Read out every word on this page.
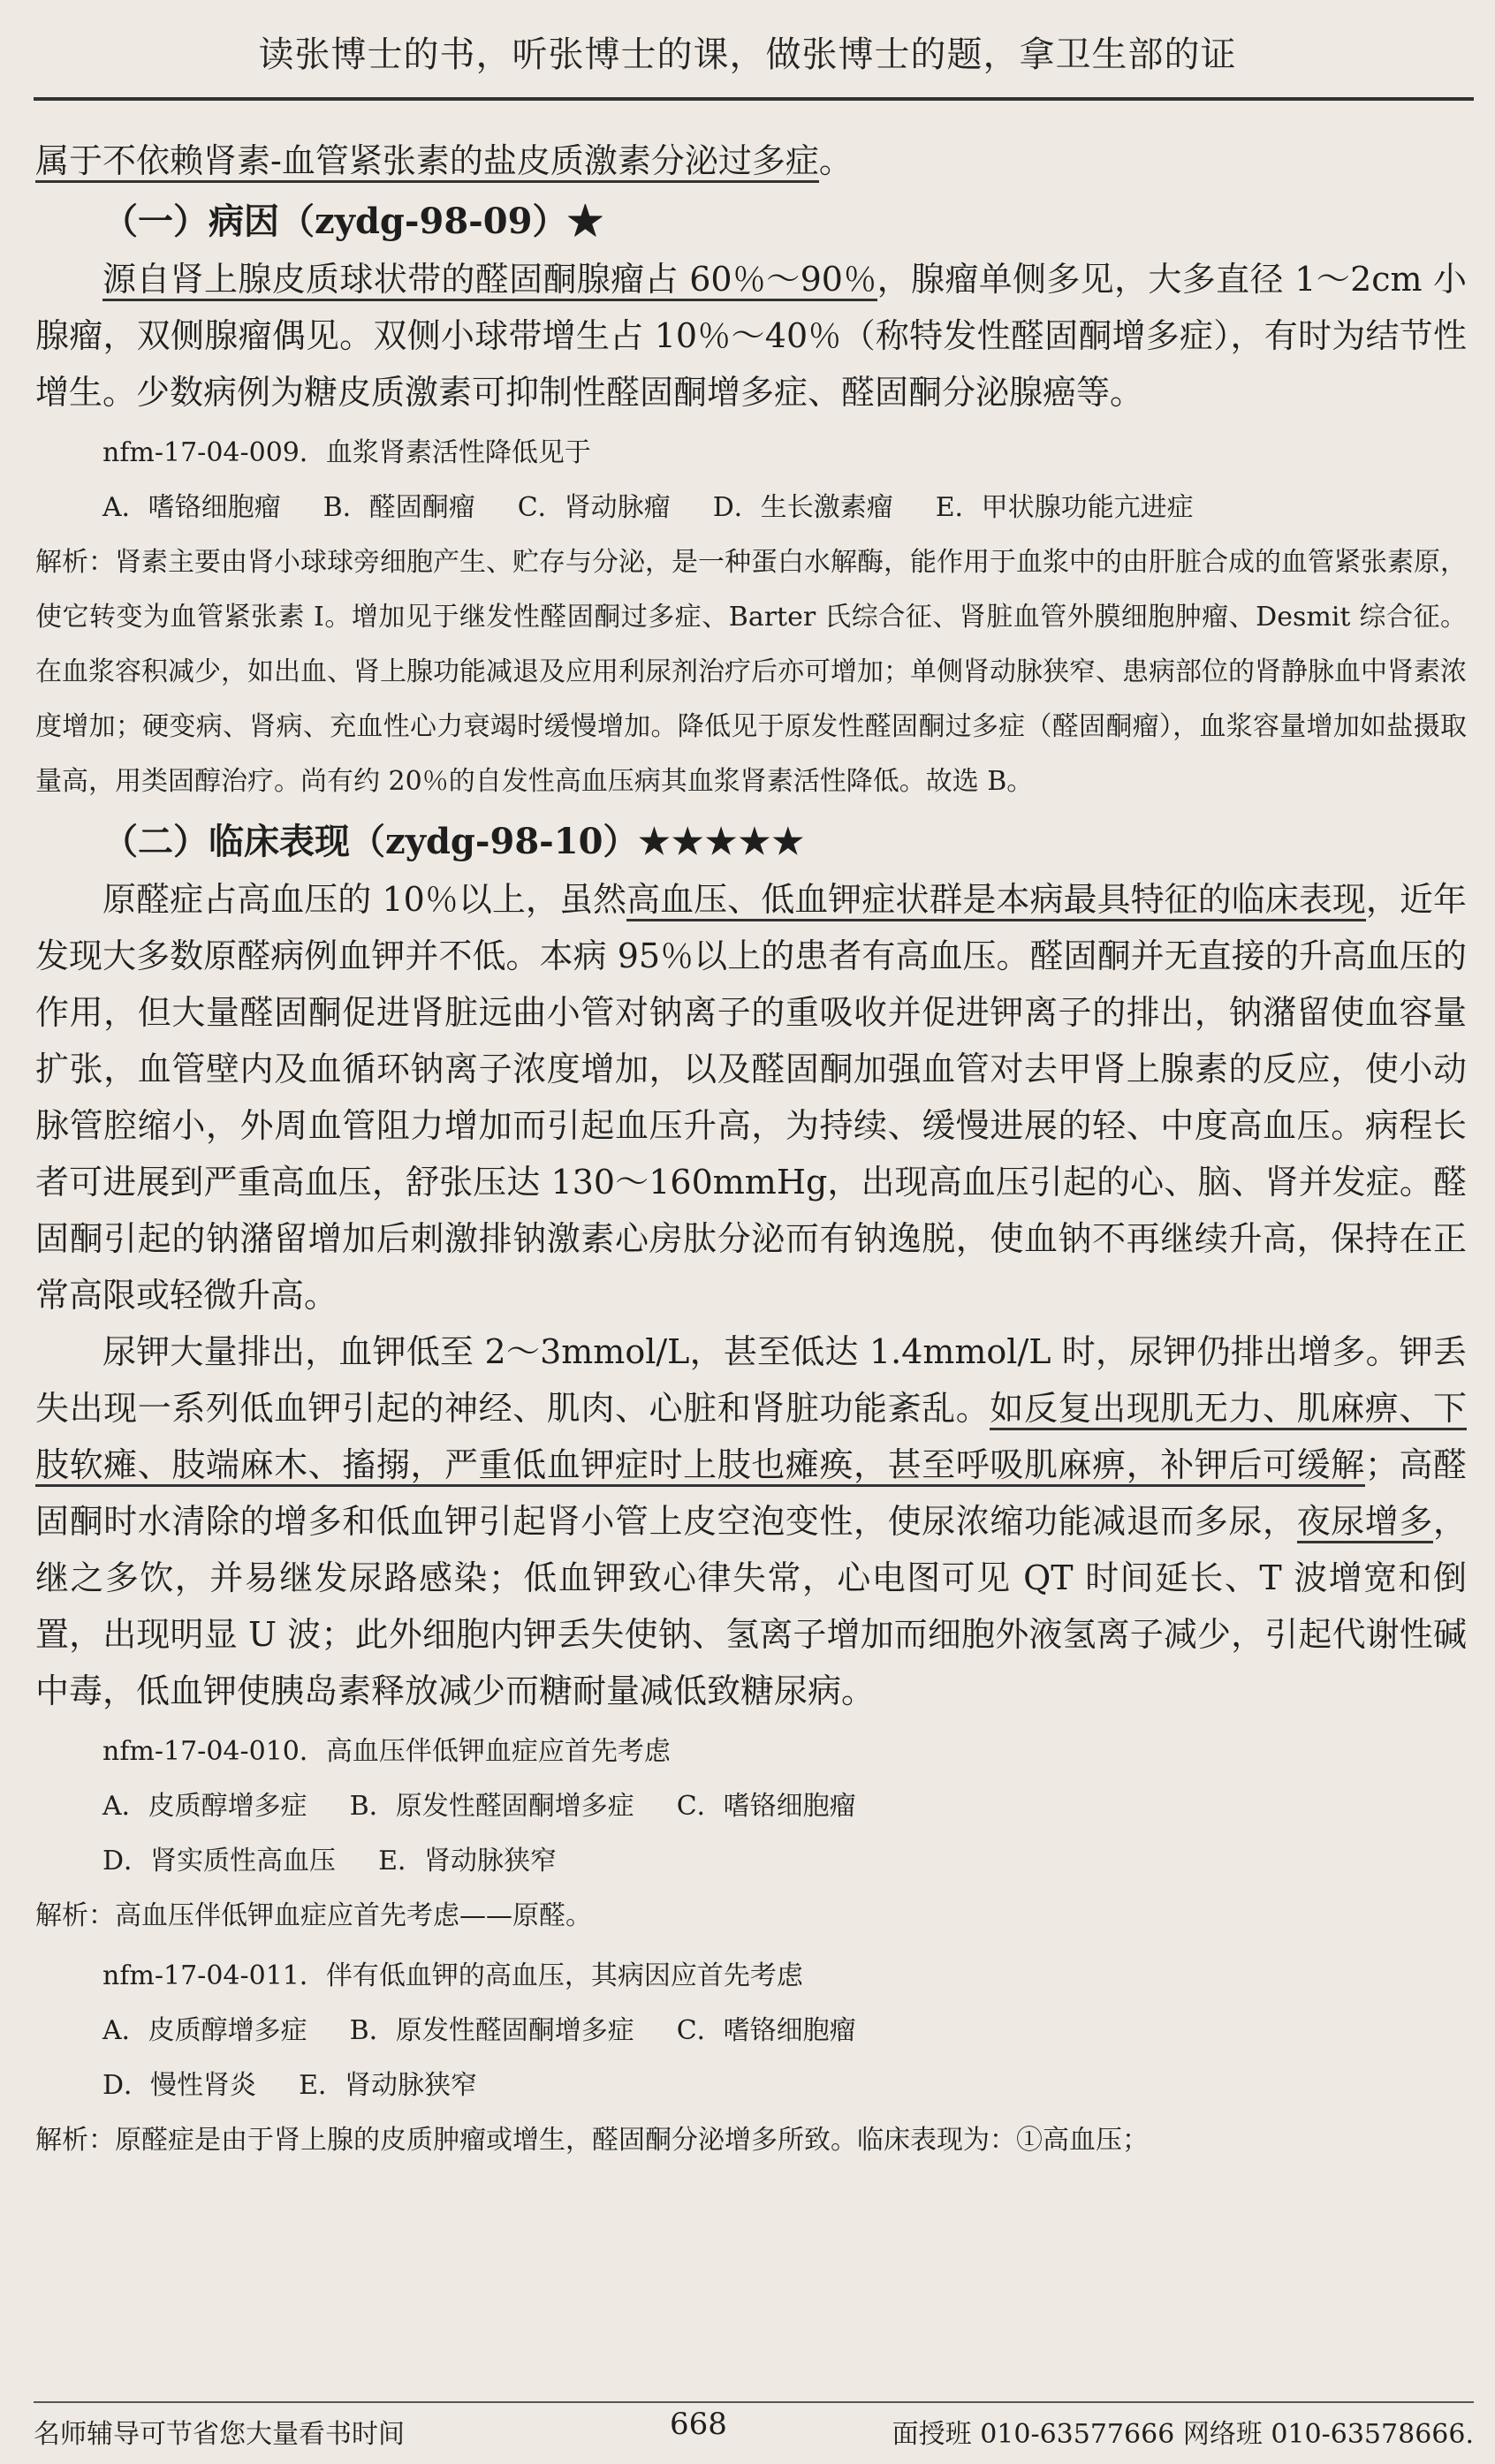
读张博士的书，听张博士的课，做张博士的题，拿卫生部的证

属于不依赖肾素-血管紧张素的盐皮质激素分泌过多症。

（一）病因（zydg-98-09）★

源自肾上腺皮质球状带的醛固酮腺瘤占 60％～90％，腺瘤单侧多见，大多直径 1～2cm 小腺瘤，双侧腺瘤偶见。双侧小球带增生占 10％～40％（称特发性醛固酮增多症），有时为结节性增生。少数病例为糖皮质激素可抑制性醛固酮增多症、醛固酮分泌腺癌等。

nfm-17-04-009．血浆肾素活性降低见于

A．嗜铬细胞瘤 B．醛固酮瘤 C．肾动脉瘤 D．生长激素瘤 E．甲状腺功能亢进症

解析：肾素主要由肾小球球旁细胞产生、贮存与分泌，是一种蛋白水解酶，能作用于血浆中的由肝脏合成的血管紧张素原，使它转变为血管紧张素 I。增加见于继发性醛固酮过多症、Barter 氏综合征、肾脏血管外膜细胞肿瘤、Desmit 综合征。在血浆容积减少，如出血、肾上腺功能减退及应用利尿剂治疗后亦可增加；单侧肾动脉狭窄、患病部位的肾静脉血中肾素浓度增加；硬变病、肾病、充血性心力衰竭时缓慢增加。降低见于原发性醛固酮过多症（醛固酮瘤），血浆容量增加如盐摄取量高，用类固醇治疗。尚有约 20％的自发性高血压病其血浆肾素活性降低。故选 B。

（二）临床表现（zydg-98-10）★★★★★

原醛症占高血压的 10％以上，虽然高血压、低血钾症状群是本病最具特征的临床表现，近年发现大多数原醛病例血钾并不低。本病 95％以上的患者有高血压。醛固酮并无直接的升高血压的作用，但大量醛固酮促进肾脏远曲小管对钠离子的重吸收并促进钾离子的排出，钠潴留使血容量扩张，血管壁内及血循环钠离子浓度增加，以及醛固酮加强血管对去甲肾上腺素的反应，使小动脉管腔缩小，外周血管阻力增加而引起血压升高，为持续、缓慢进展的轻、中度高血压。病程长者可进展到严重高血压，舒张压达 130～160mmHg，出现高血压引起的心、脑、肾并发症。醛固酮引起的钠潴留增加后刺激排钠激素心房肽分泌而有钠逸脱，使血钠不再继续升高，保持在正常高限或轻微升高。

尿钾大量排出，血钾低至 2～3mmol/L，甚至低达 1.4mmol/L 时，尿钾仍排出增多。钾丢失出现一系列低血钾引起的神经、肌肉、心脏和肾脏功能紊乱。如反复出现肌无力、肌麻痹、下肢软瘫、肢端麻木、搐搦，严重低血钾症时上肢也瘫痪，甚至呼吸肌麻痹，补钾后可缓解；高醛固酮时水清除的增多和低血钾引起肾小管上皮空泡变性，使尿浓缩功能减退而多尿，夜尿增多，继之多饮，并易继发尿路感染；低血钾致心律失常，心电图可见 QT 时间延长、T 波增宽和倒置，出现明显 U 波；此外细胞内钾丢失使钠、氢离子增加而细胞外液氢离子减少，引起代谢性碱中毒，低血钾使胰岛素释放减少而糖耐量减低致糖尿病。

nfm-17-04-010．高血压伴低钾血症应首先考虑

A．皮质醇增多症 B．原发性醛固酮增多症 C．嗜铬细胞瘤
D．肾实质性高血压 E．肾动脉狭窄

解析：高血压伴低钾血症应首先考虑——原醛。

nfm-17-04-011．伴有低血钾的高血压，其病因应首先考虑

A．皮质醇增多症 B．原发性醛固酮增多症 C．嗜铬细胞瘤
D．慢性肾炎 E．肾动脉狭窄

解析：原醛症是由于肾上腺的皮质肿瘤或增生，醛固酮分泌增多所致。临床表现为：①高血压；

名师辅导可节省您大量看书时间	668	面授班 010-63577666 网络班 010-63578666.
